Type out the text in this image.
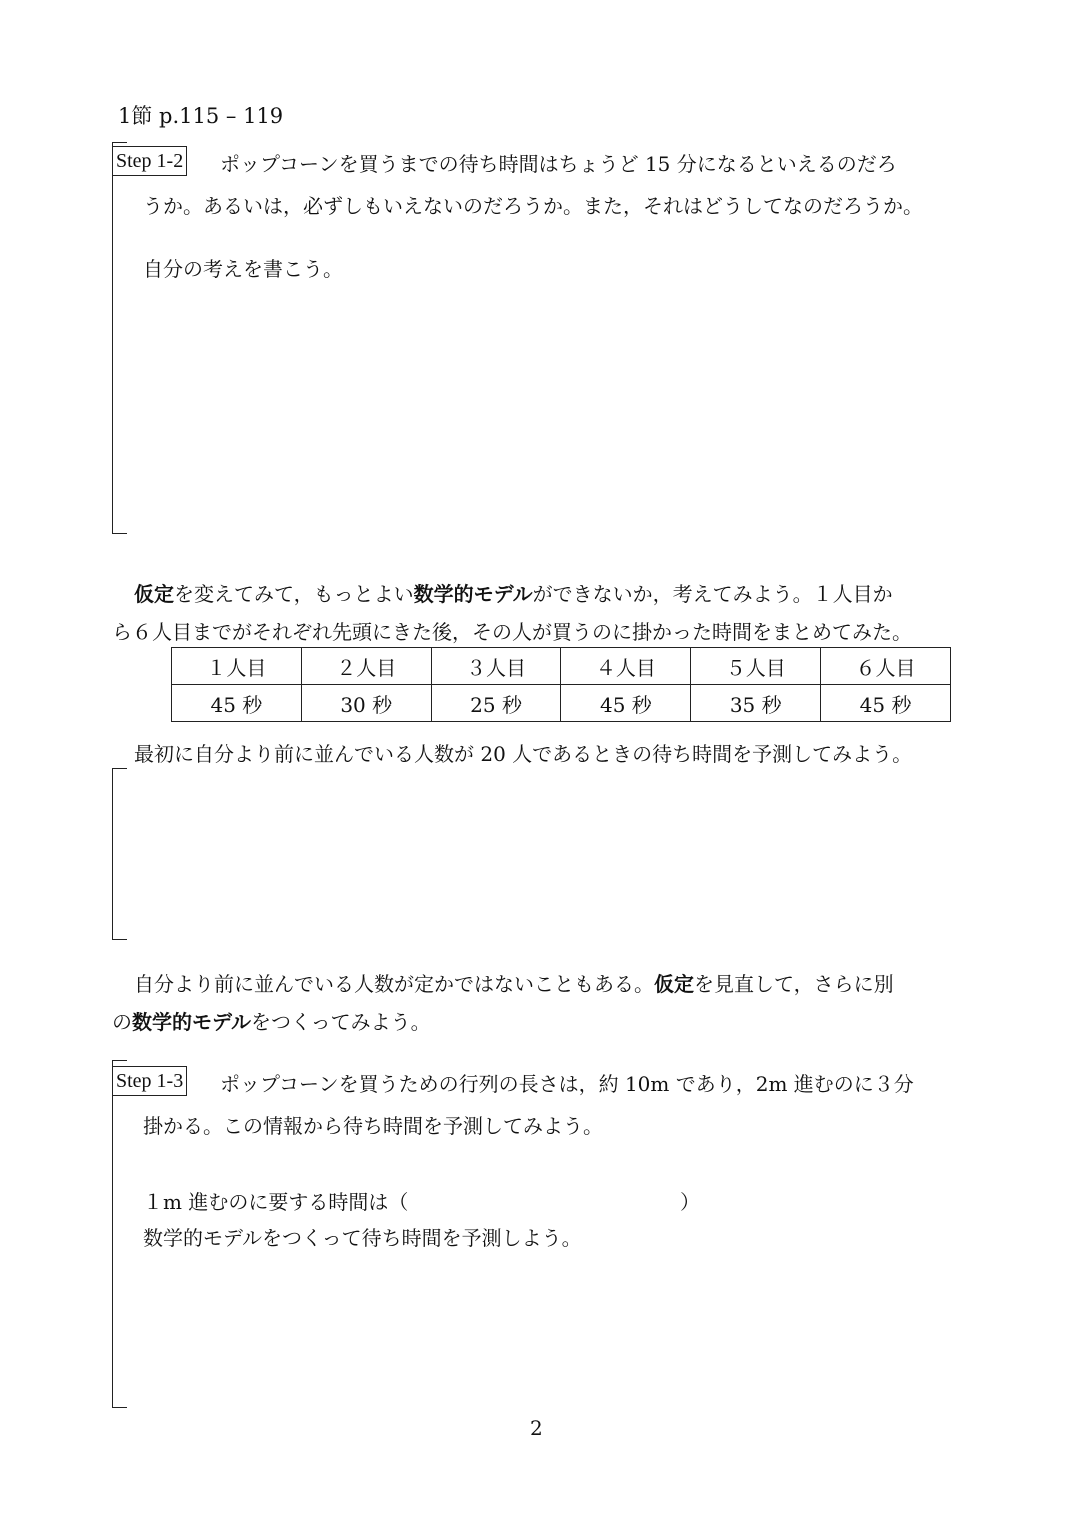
1節 p.115 – 119
Step 1-2 ポップコーンを買うまでの待ち時間はちょうど 15 分になるといえるのだろ
うか。あるいは，必ずしもいえないのだろうか。また，それはどうしてなのだろうか。
自分の考えを書こう。
仮定を変えてみて，もっとよい数学的モデルができないか，考えてみよう。１人目か
ら６人目までがそれぞれ先頭にきた後，その人が買うのに掛かった時間をまとめてみた。
１人目	２人目	３人目	４人目	５人目	６人目
45 秒	30 秒	25 秒	45 秒	35 秒	45 秒
最初に自分より前に並んでいる人数が 20 人であるときの待ち時間を予測してみよう。
自分より前に並んでいる人数が定かではないこともある。仮定を見直して，さらに別
の数学的モデルをつくってみよう。
Step 1-3 ポップコーンを買うための行列の長さは，約 10m であり，2m 進むのに３分
掛かる。この情報から待ち時間を予測してみよう。
１m 進むのに要する時間は（	）
数学的モデルをつくって待ち時間を予測しよう。
2
